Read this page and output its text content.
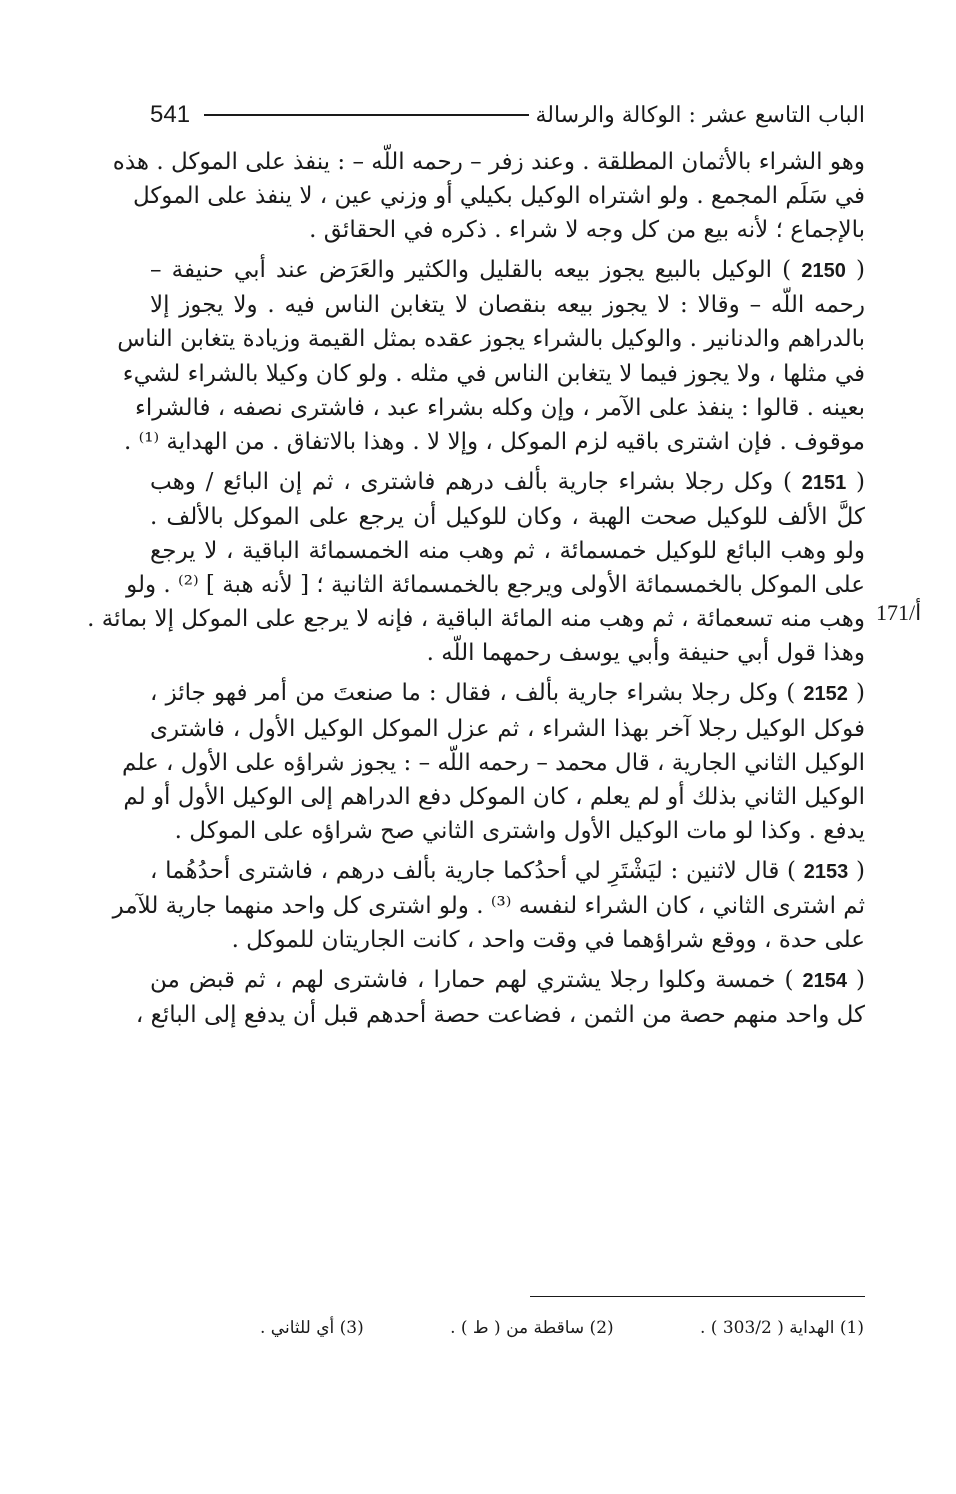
541	الباب التاسع عشر : الوكالة والرسالة
وهو الشراء بالأثمان المطلقة . وعند زفر – رحمه اللّه – : ينفذ على الموكل . هذه
في سَلَم المجمع . ولو اشتراه الوكيل بكيلي أو وزني عين ، لا ينفذ على الموكل
بالإجماع ؛ لأنه بيع من كل وجه لا شراء . ذكره في الحقائق .
( 2150 ) الوكيل بالبيع يجوز بيعه بالقليل والكثير والعَرَض عند أبي حنيفة –
رحمه اللّه – وقالا : لا يجوز بيعه بنقصان لا يتغابن الناس فيه . ولا يجوز إلا
بالدراهم والدنانير . والوكيل بالشراء يجوز عقده بمثل القيمة وزيادة يتغابن الناس
في مثلها ، ولا يجوز فيما لا يتغابن الناس في مثله . ولو كان وكيلا بالشراء لشيء
بعينه . قالوا : ينفذ على الآمر ، وإن وكله بشراء عبد ، فاشترى نصفه ، فالشراء
موقوف . فإن اشترى باقيه لزم الموكل ، وإلا لا . وهذا بالاتفاق . من الهداية ⁽¹⁾ .
( 2151 ) وكل رجلا بشراء جارية بألف درهم فاشترى ، ثم إن البائع / وهب
كلَّ الألف للوكيل صحت الهبة ، وكان للوكيل أن يرجع على الموكل بالألف .
ولو وهب البائع للوكيل خمسمائة ، ثم وهب منه الخمسمائة الباقية ، لا يرجع
على الموكل بالخمسمائة الأولى ويرجع بالخمسمائة الثانية ؛ [ لأنه هبة ] ⁽²⁾ . ولو
وهب منه تسعمائة ، ثم وهب منه المائة الباقية ، فإنه لا يرجع على الموكل إلا بمائة .
وهذا قول أبي حنيفة وأبي يوسف رحمهما اللّه .
( 2152 ) وكل رجلا بشراء جارية بألف ، فقال : ما صنعتَ من أمر فهو جائز ،
فوكل الوكيل رجلا آخر بهذا الشراء ، ثم عزل الموكل الوكيل الأول ، فاشترى
الوكيل الثاني الجارية ، قال محمد – رحمه اللّه – : يجوز شراؤه على الأول ، علم
الوكيل الثاني بذلك أو لم يعلم ، كان الموكل دفع الدراهم إلى الوكيل الأول أو لم
يدفع . وكذا لو مات الوكيل الأول واشترى الثاني صح شراؤه على الموكل .
( 2153 ) قال لاثنين : ليَشْتَرِ لي أحدُكما جارية بألف درهم ، فاشترى أحدُهُما ،
ثم اشترى الثاني ، كان الشراء لنفسه ⁽³⁾ . ولو اشترى كل واحد منهما جارية للآمر
على حدة ، ووقع شراؤهما في وقت واحد ، كانت الجاريتان للموكل .
( 2154 ) خمسة وكلوا رجلا يشتري لهم حمارا ، فاشترى لهم ، ثم قبض من
كل واحد منهم حصة من الثمن ، فضاعت حصة أحدهم قبل أن يدفع إلى البائع ،
171/أ
(1) الهداية ( 303/2 ) .
(2) ساقطة من ( ط ) .
(3) أي للثاني .
